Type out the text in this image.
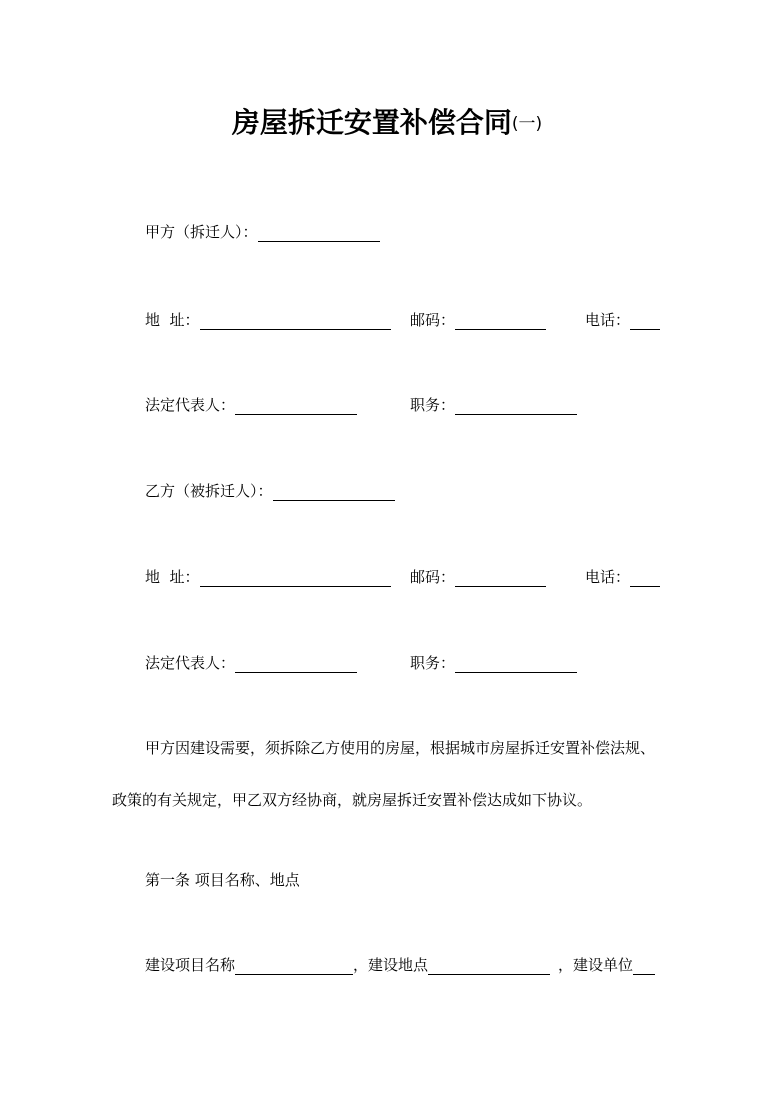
房屋拆迁安置补偿合同(一)
甲方（拆迁人）：
地  址：	邮码：	电话：
法定代表人：	职务：
乙方（被拆迁人）：
地  址：	邮码：	电话：
法定代表人：	职务：

甲方因建设需要，须拆除乙方使用的房屋，根据城市房屋拆迁安置补偿法规、政策的有关规定，甲乙双方经协商，就房屋拆迁安置补偿达成如下协议。

第一条 项目名称、地点
建设项目名称	，建设地点	，建设单位
